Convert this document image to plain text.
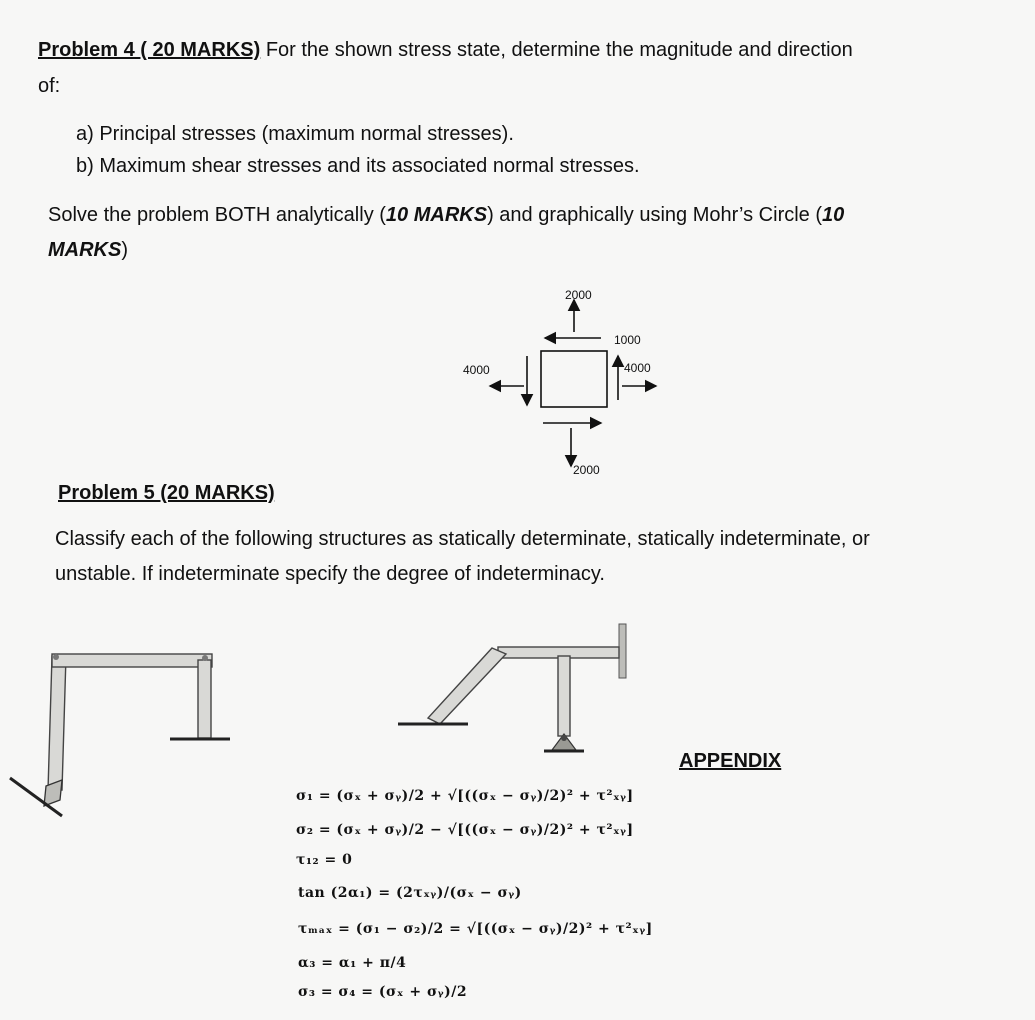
Problem 4 ( 20 MARKS) For the shown stress state, determine the magnitude and direction
of:
a) Principal stresses (maximum normal stresses).
b) Maximum shear stresses and its associated normal stresses.
Solve the problem BOTH analytically (10 MARKS) and graphically using Mohr’s Circle (10
MARKS)
2000
1000
4000
4000
2000
Problem 5 (20 MARKS)
Classify each of the following structures as statically determinate, statically indeterminate, or
unstable. If indeterminate specify the degree of indeterminacy.
APPENDIX
σ₁ = (σₓ + σᵧ)/2 + √[((σₓ − σᵧ)/2)² + τ²ₓᵧ]
σ₂ = (σₓ + σᵧ)/2 − √[((σₓ − σᵧ)/2)² + τ²ₓᵧ]
τ₁₂ = 0
tan (2α₁) = (2τₓᵧ)/(σₓ − σᵧ)
τₘₐₓ = (σ₁ − σ₂)/2 = √[((σₓ − σᵧ)/2)² + τ²ₓᵧ]
α₃ = α₁ + π/4
σ₃ = σ₄ = (σₓ + σᵧ)/2
